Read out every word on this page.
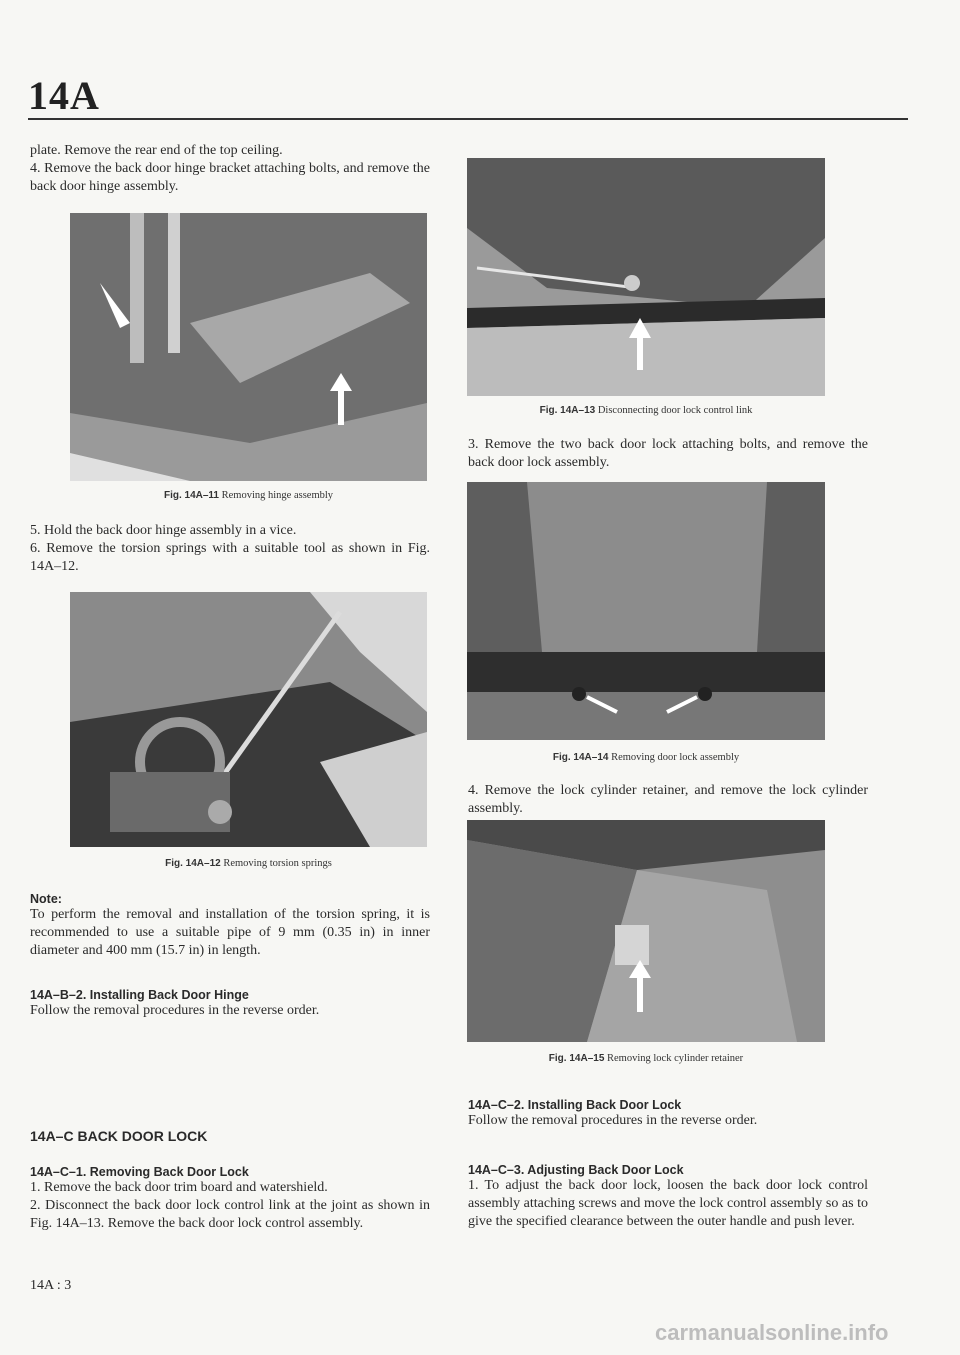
14A

plate. Remove the rear end of the top ceiling.

4. Remove the back door hinge bracket attaching bolts, and remove the back door hinge assembly.

Fig. 14A–11 Removing hinge assembly

5. Hold the back door hinge assembly in a vice.

6. Remove the torsion springs with a suitable tool as shown in Fig. 14A–12.

Fig. 14A–12 Removing torsion springs
Note:

To perform the removal and installation of the torsion spring, it is recommended to use a suitable pipe of 9 mm (0.35 in) in inner diameter and 400 mm (15.7 in) in length.

14A–B–2. Installing Back Door Hinge

Follow the removal procedures in the reverse order.

14A–C BACK DOOR LOCK
14A–C–1. Removing Back Door Lock

1. Remove the back door trim board and watershield.

2. Disconnect the back door lock control link at the joint as shown in Fig. 14A–13. Remove the back door lock control assembly.

14A : 3
Fig. 14A–13 Disconnecting door lock control link

3. Remove the two back door lock attaching bolts, and remove the back door lock assembly.

Fig. 14A–14 Removing door lock assembly

4. Remove the lock cylinder retainer, and remove the lock cylinder assembly.

Fig. 14A–15 Removing lock cylinder retainer
14A–C–2. Installing Back Door Lock

Follow the removal procedures in the reverse order.

14A–C–3. Adjusting Back Door Lock

1. To adjust the back door lock, loosen the back door lock control assembly attaching screws and move the lock control assembly so as to give the specified clearance between the outer handle and push lever.

carmanualsonline.info
